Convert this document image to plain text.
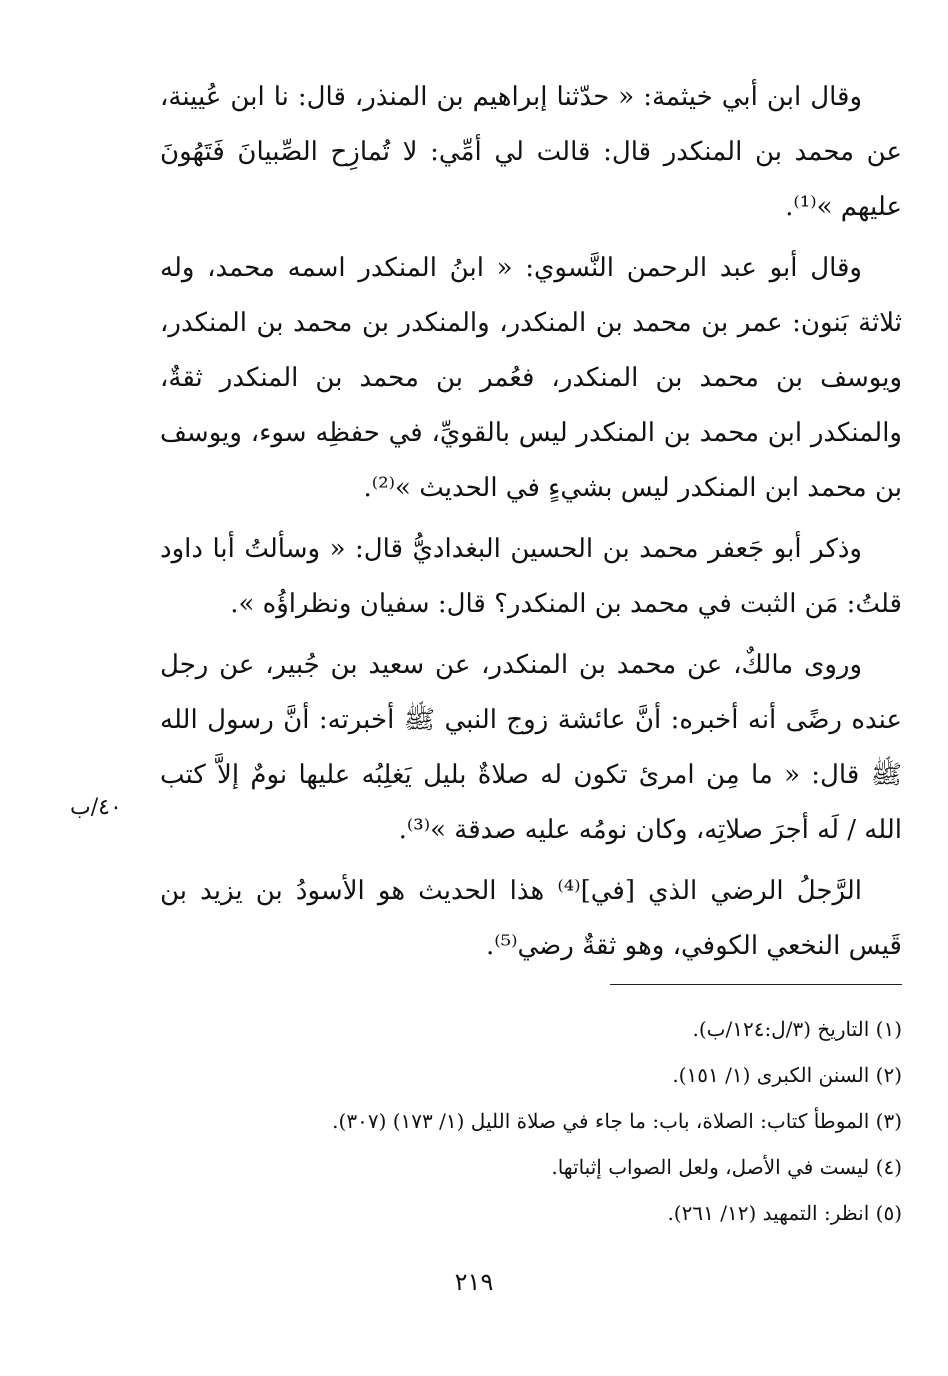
وقال ابن أبي خيثمة: « حدّثنا إبراهيم بن المنذر، قال: نا ابن عُيينة، عن محمد بن المنكدر قال: قالت لي أمِّي: لا تُمازِح الصِّبيانَ فَتَهُونَ عليهم »⁽¹⁾.

وقال أبو عبد الرحمن النَّسوي: « ابنُ المنكدر اسمه محمد، وله ثلاثة بَنون: عمر بن محمد بن المنكدر، والمنكدر بن محمد بن المنكدر، ويوسف بن محمد بن المنكدر، فعُمر بن محمد بن المنكدر ثقةٌ، والمنكدر ابن محمد بن المنكدر ليس بالقويِّ، في حفظِه سوء، ويوسف بن محمد ابن المنكدر ليس بشيءٍ في الحديث »⁽²⁾.

وذكر أبو جَعفر محمد بن الحسين البغداديُّ قال: « وسألتُ أبا داود قلتُ: مَن الثبت في محمد بن المنكدر؟ قال: سفيان ونظراؤُه ».

وروى مالكٌ، عن محمد بن المنكدر، عن سعيد بن جُبير، عن رجل عنده رضًى أنه أخبره: أنَّ عائشة زوج النبي ﷺ أخبرته: أنَّ رسول الله ﷺ قال: « ما مِن امرئ تكون له صلاةٌ بليل يَغلِبُه عليها نومٌ إلاَّ كتب الله / لَه أجرَ صلاتِه، وكان نومُه عليه صدقة »⁽³⁾.

الرَّجلُ الرضي الذي [في]⁽⁴⁾ هذا الحديث هو الأسودُ بن يزيد بن قَيس النخعي الكوفي، وهو ثقةٌ رضي⁽⁵⁾.

٤٠/ب

(١) التاريخ (٣/ل:١٢٤/ب).

(٢) السنن الكبرى (١/ ١٥١).

(٣) الموطأ كتاب: الصلاة، باب: ما جاء في صلاة الليل (١/ ١٧٣) (٣٠٧).

(٤) ليست في الأصل، ولعل الصواب إثباتها.

(٥) انظر: التمهيد (١٢/ ٢٦١).

٢١٩
